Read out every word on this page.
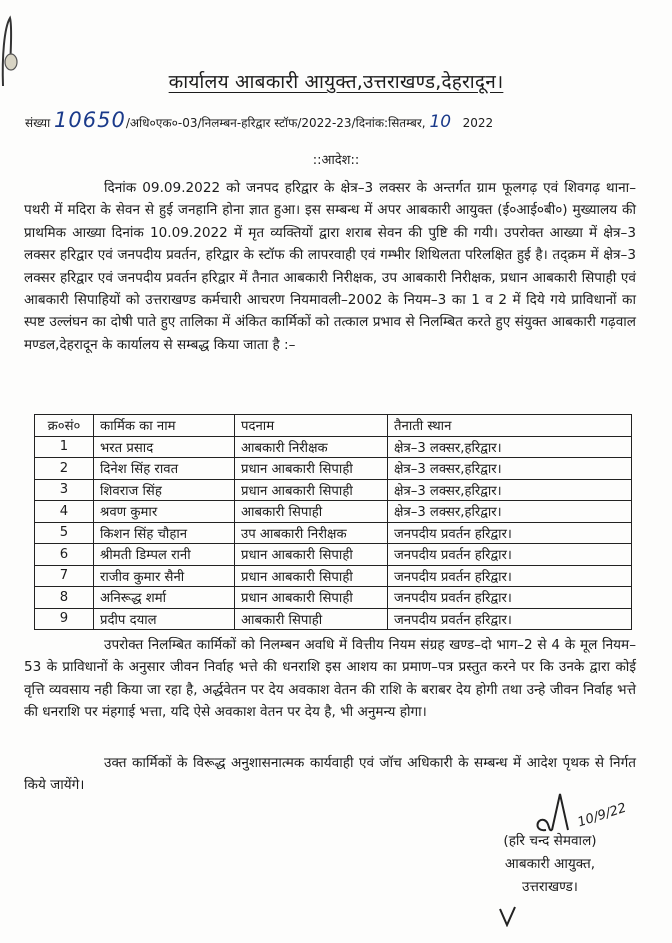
कार्यालय आबकारी आयुक्त,उत्तराखण्ड,देहरादून।
संख्या 10650/अधि०एक०-03/निलम्बन-हरिद्वार स्टॉफ/2022-23/दिनांक:सितम्बर, 10 2022
::आदेश::
दिनांक 09.09.2022 को जनपद हरिद्वार के क्षेत्र–3 लक्सर के अन्तर्गत ग्राम फूलगढ़ एवं शिवगढ़ थाना–पथरी में मदिरा के सेवन से हुई जनहानि होना ज्ञात हुआ। इस सम्बन्ध में अपर आबकारी आयुक्त (ई०आई०बी०) मुख्यालय की प्राथमिक आख्या दिनांक 10.09.2022 में मृत व्यक्तियों द्वारा शराब सेवन की पुष्टि की गयी। उपरोक्त आख्या में क्षेत्र–3 लक्सर हरिद्वार एवं जनपदीय प्रवर्तन, हरिद्वार के स्टॉफ की लापरवाही एवं गम्भीर शिथिलता परिलक्षित हुई है। तद्क्रम में क्षेत्र–3 लक्सर हरिद्वार एवं जनपदीय प्रवर्तन हरिद्वार में तैनात आबकारी निरीक्षक, उप आबकारी निरीक्षक, प्रधान आबकारी सिपाही एवं आबकारी सिपाहियों को उत्तराखण्ड कर्मचारी आचरण नियमावली–2002 के नियम–3 का 1 व 2 में दिये गये प्राविधानों का स्पष्ट उल्लंघन का दोषी पाते हुए तालिका में अंकित कार्मिकों को तत्काल प्रभाव से निलम्बित करते हुए संयुक्त आबकारी गढ़वाल मण्डल,देहरादून के कार्यालय से सम्बद्ध किया जाता है :–
क्र०सं०	कार्मिक का नाम	पदनाम	तैनाती स्थान
1	भरत प्रसाद	आबकारी निरीक्षक	क्षेत्र–3 लक्सर,हरिद्वार।
2	दिनेश सिंह रावत	प्रधान आबकारी सिपाही	क्षेत्र–3 लक्सर,हरिद्वार।
3	शिवराज सिंह	प्रधान आबकारी सिपाही	क्षेत्र–3 लक्सर,हरिद्वार।
4	श्रवण कुमार	आबकारी सिपाही	क्षेत्र–3 लक्सर,हरिद्वार।
5	किशन सिंह चौहान	उप आबकारी निरीक्षक	जनपदीय प्रवर्तन हरिद्वार।
6	श्रीमती डिम्पल रानी	प्रधान आबकारी सिपाही	जनपदीय प्रवर्तन हरिद्वार।
7	राजीव कुमार सैनी	प्रधान आबकारी सिपाही	जनपदीय प्रवर्तन हरिद्वार।
8	अनिरूद्ध शर्मा	प्रधान आबकारी सिपाही	जनपदीय प्रवर्तन हरिद्वार।
9	प्रदीप दयाल	आबकारी सिपाही	जनपदीय प्रवर्तन हरिद्वार।
उपरोक्त निलम्बित कार्मिकों को निलम्बन अवधि में वित्तीय नियम संग्रह खण्ड–दो भाग–2 से 4 के मूल नियम–53 के प्राविधानों के अनुसार जीवन निर्वाह भत्ते की धनराशि इस आशय का प्रमाण–पत्र प्रस्तुत करने पर कि उनके द्वारा कोई वृत्ति व्यवसाय नही किया जा रहा है, अर्द्धवेतन पर देय अवकाश वेतन की राशि के बराबर देय होगी तथा उन्हे जीवन निर्वाह भत्ते की धनराशि पर मंहगाई भत्ता, यदि ऐसे अवकाश वेतन पर देय है, भी अनुमन्य होगा।
उक्त कार्मिकों के विरूद्ध अनुशासनात्मक कार्यवाही एवं जॉच अधिकारी के सम्बन्ध में आदेश पृथक से निर्गत किये जायेंगे।
10/9/22
(हरि चन्द सेमवाल)
आबकारी आयुक्त,
उत्तराखण्ड।
